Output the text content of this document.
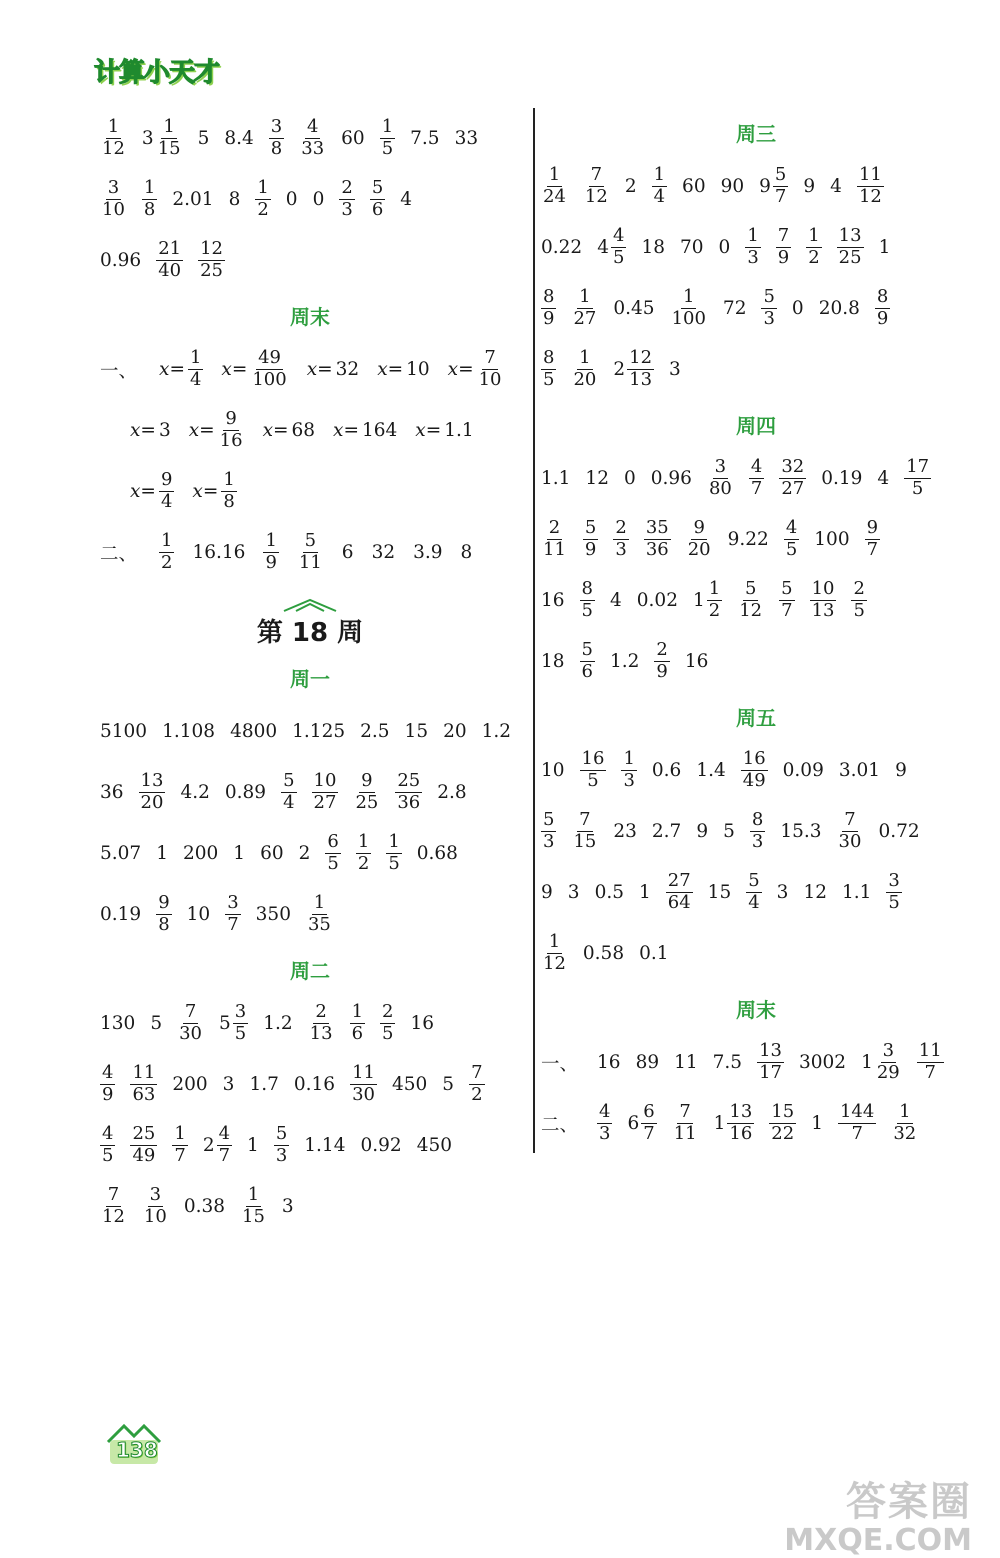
计算小天才
$\frac{1}{12} 3 \frac{1}{15} 5$ $8.4 \frac{3}{8} \frac{4}{33} 60 \frac{1}{5} 7.5$ 33
$\frac{3}{10} \frac{1}{8} 2.01$ $8 \frac{1}{2} 0$ $0 \frac{2}{3} \frac{5}{6} 4$
$0.96 \frac{21}{40} \frac{12}{25}$
周末
一、 $x= \frac{1}{4} x= \frac{49}{100} x= 32$ x= 10 $x= \frac{7}{10}$
x= 3 $x= \frac{9}{16} x= 68$ x= 164 x= 1.1
$x= \frac{9}{4} x= \frac{1}{8}$
二、 $\frac{1}{2} 16.16 \frac{1}{9} \frac{5}{11} 6$ 32 3.9 8
第 18 周
周一
5100 1.108 4800 1.125 2.5 15 20 1.2
$36 \frac{13}{20} 4.2$ $0.89 \frac{5}{4} \frac{10}{27} \frac{9}{25} \frac{25}{36} 2.8$
5.07 1 200 1 60 $2 \frac{6}{5} \frac{1}{2} \frac{1}{5} 0.68$
$0.19 \frac{9}{8} 10 \frac{3}{7} 350 \frac{1}{35}$
周二
130 $5 \frac{7}{30} 5 \frac{3}{5} 1.2 \frac{2}{13} \frac{1}{6} \frac{2}{5} 16$
$\frac{4}{9} \frac{11}{63} 200$ 3 1.7 $0.16 \frac{11}{30} 450$ $5 \frac{7}{2}$
$\frac{4}{5} \frac{25}{49} \frac{1}{7} 2 \frac{4}{7} 1 \frac{5}{3} 1.14$ 0.92 450
$\frac{7}{12} \frac{3}{10} 0.38 \frac{1}{15} 3$
周三
$\frac{1}{24} \frac{7}{12} 2 \frac{1}{4} 60$ 90 $9 \frac{5}{7} 9$ $4 \frac{11}{12}$
0.22 $4 \frac{4}{5} 18$ 70 $0 \frac{1}{3} \frac{7}{9} \frac{1}{2} \frac{13}{25} 1$
$\frac{8}{9} \frac{1}{27} 0.45 \frac{1}{100} 72 \frac{5}{3} 0$ $20.8 \frac{8}{9}$
$\frac{8}{5} \frac{1}{20} 2 \frac{12}{13} 3$
周四
1.1 12 0 $0.96 \frac{3}{80} \frac{4}{7} \frac{32}{27} 0.19$ $4 \frac{17}{5}$
$\frac{2}{11} \frac{5}{9} \frac{2}{3} \frac{35}{36} \frac{9}{20} 9.22 \frac{4}{5} 100 \frac{9}{7}$
$16 \frac{8}{5} 4$ 0.02 $1 \frac{1}{2} \frac{5}{12} \frac{5}{7} \frac{10}{13} \frac{2}{5}$
$18 \frac{5}{6} 1.2 \frac{2}{9} 16$
周五
$10 \frac{16}{5} \frac{1}{3} 0.6$ $1.4 \frac{16}{49} 0.09$ 3.01 9
$\frac{5}{3} \frac{7}{15} 23$ 2.7 9 $5 \frac{8}{3} 15.3 \frac{7}{30} 0.72$
9 3 0.5 $1 \frac{27}{64} 15 \frac{5}{4} 3$ 12 $1.1 \frac{3}{5}$
$\frac{1}{12} 0.58$ 0.1
周末
一、 16 89 11 $7.5 \frac{13}{17} 3002$ $1 \frac{3}{29} \frac{11}{7}$
二、 $\frac{4}{3} 6 \frac{6}{7} \frac{7}{11} 1 \frac{13}{16} \frac{15}{22} 1 \frac{144}{7} \frac{1}{32}$
138
答案圈
MXQE.COM
